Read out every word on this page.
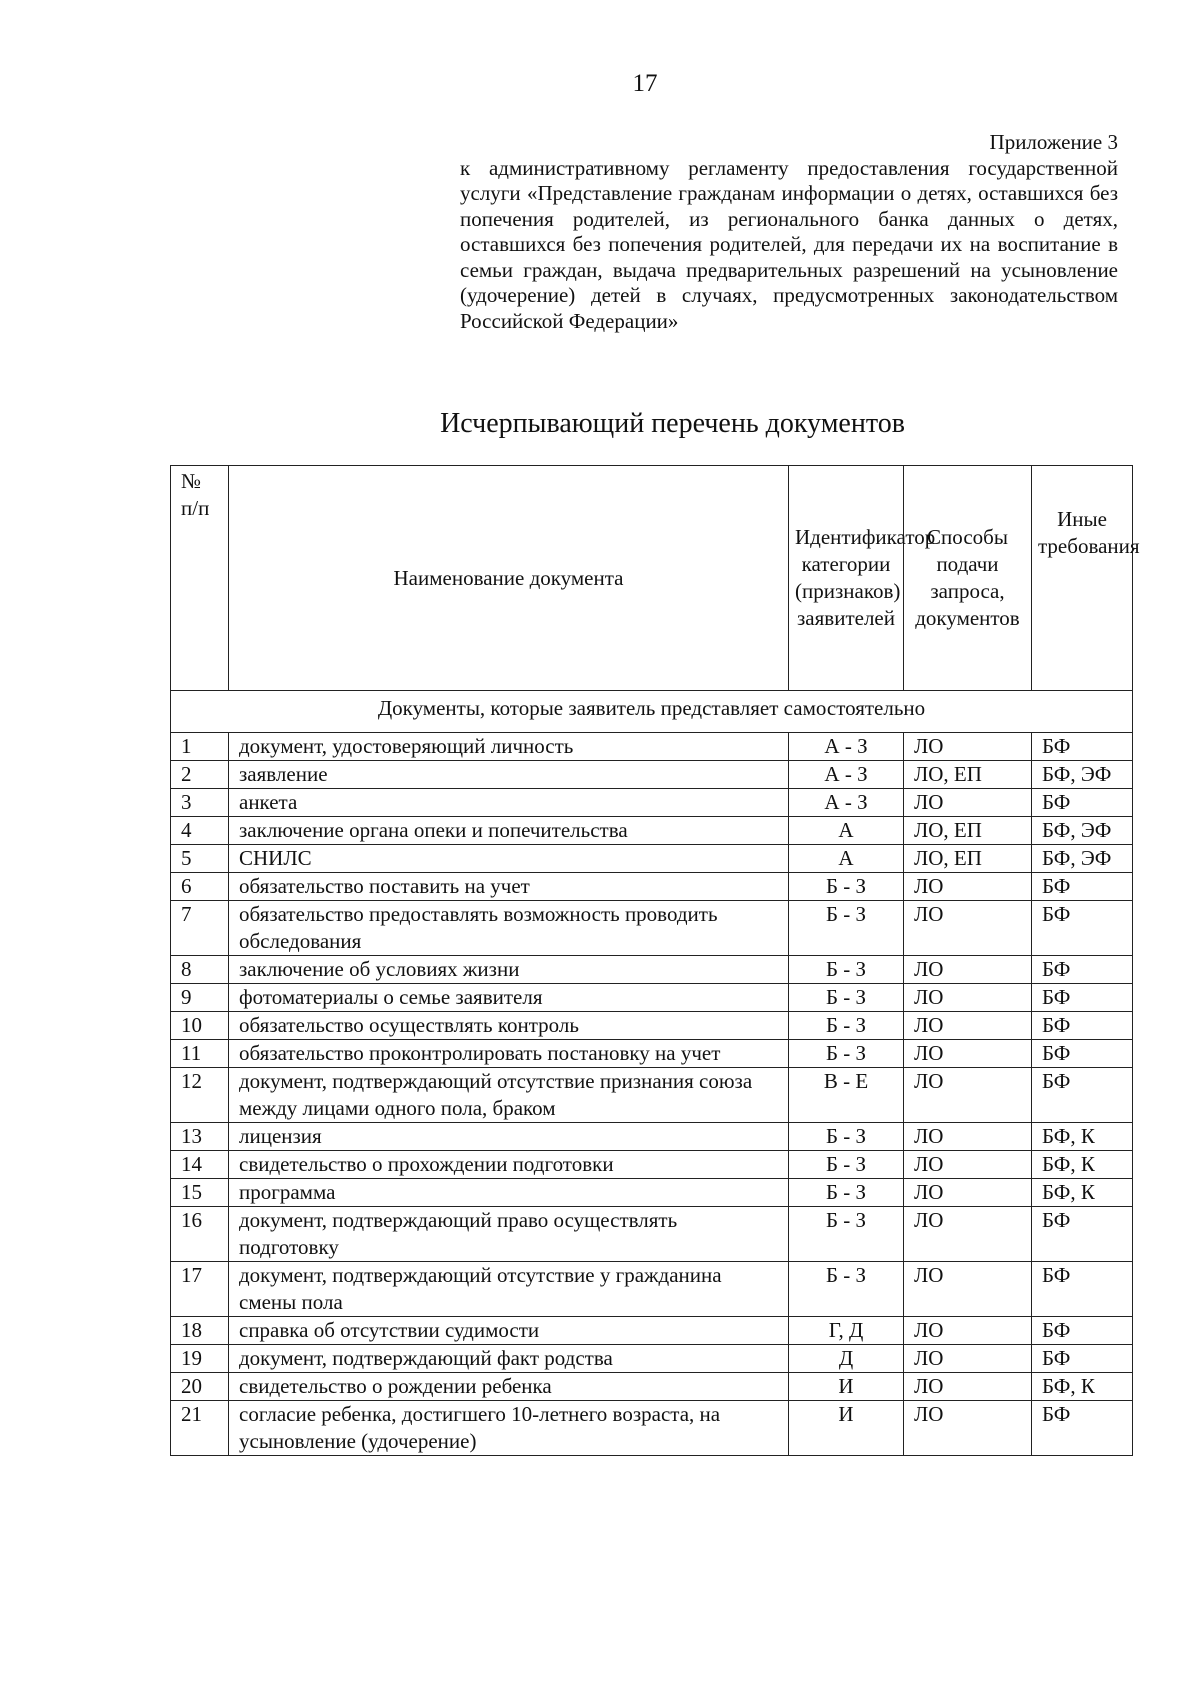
17
Приложение 3
к административному регламенту предоставления государственной услуги «Представление гражданам информации о детях, оставшихся без попечения родителей, из регионального банка данных о детях, оставшихся без попечения родителей, для передачи их на воспитание в семьи граждан, выдача предварительных разрешений на усыновление (удочерение) детей в случаях, предусмотренных законодательством Российской Федерации»
Исчерпывающий перечень документов
№ п/п	Наименование документа	Идентификатор категории (признаков) заявителей	Способы подачи запроса, документов	Иные требования
Документы, которые заявитель представляет самостоятельно				
1	документ, удостоверяющий личность	А - З	ЛО	БФ
2	заявление	А - З	ЛО, ЕП	БФ, ЭФ
3	анкета	А - З	ЛО	БФ
4	заключение органа опеки и попечительства	А	ЛО, ЕП	БФ, ЭФ
5	СНИЛС	А	ЛО, ЕП	БФ, ЭФ
6	обязательство поставить на учет	Б - З	ЛО	БФ
7	обязательство предоставлять возможность проводить обследования	Б - З	ЛО	БФ
8	заключение об условиях жизни	Б - З	ЛО	БФ
9	фотоматериалы о семье заявителя	Б - З	ЛО	БФ
10	обязательство осуществлять контроль	Б - З	ЛО	БФ
11	обязательство проконтролировать постановку на учет	Б - З	ЛО	БФ
12	документ, подтверждающий отсутствие признания союза между лицами одного пола, браком	В - Е	ЛО	БФ
13	лицензия	Б - З	ЛО	БФ, К
14	свидетельство о прохождении подготовки	Б - З	ЛО	БФ, К
15	программа	Б - З	ЛО	БФ, К
16	документ, подтверждающий право осуществлять подготовку	Б - З	ЛО	БФ
17	документ, подтверждающий отсутствие у гражданина смены пола	Б - З	ЛО	БФ
18	справка об отсутствии судимости	Г, Д	ЛО	БФ
19	документ, подтверждающий факт родства	Д	ЛО	БФ
20	свидетельство о рождении ребенка	И	ЛО	БФ, К
21	согласие ребенка, достигшего 10-летнего возраста, на усыновление (удочерение)	И	ЛО	БФ
